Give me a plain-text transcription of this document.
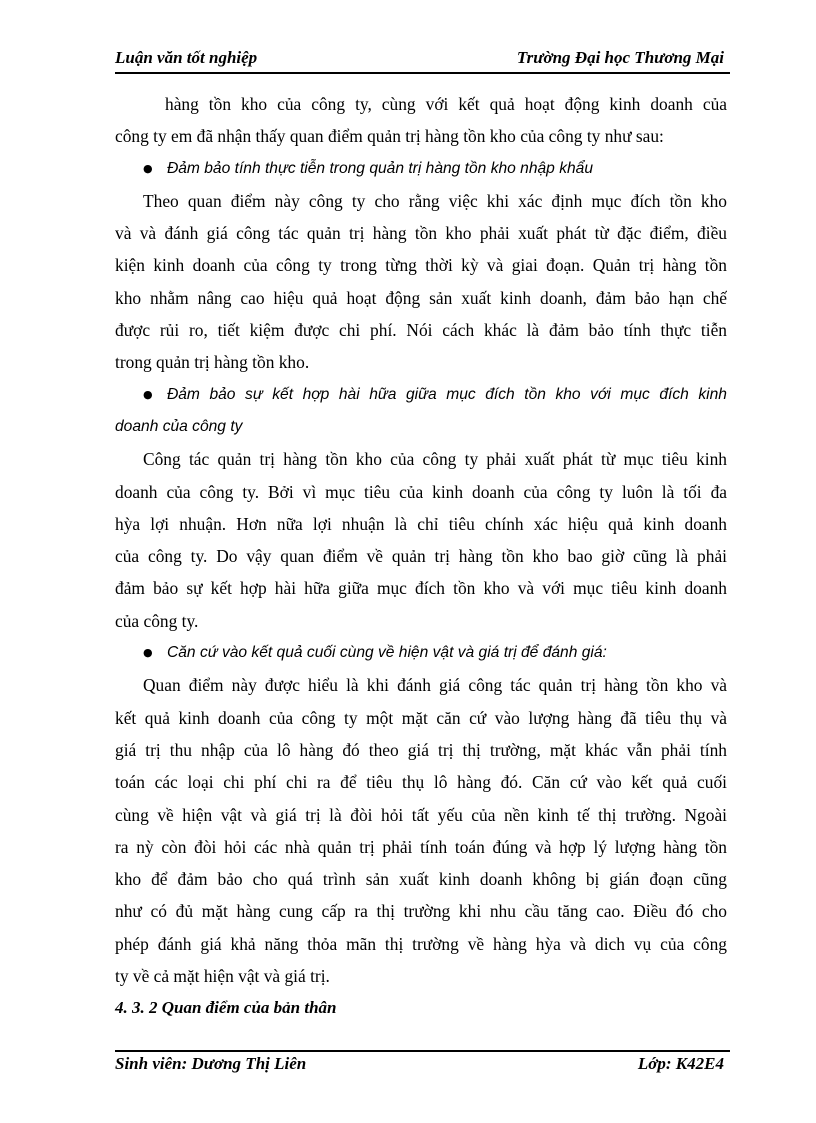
Luận văn tốt nghiệp	Trường Đại học Thương Mại
hàng tồn kho của công ty, cùng với kết quả hoạt động kinh doanh của
công ty em đã nhận thấy quan điểm quản trị hàng tồn kho của công ty như sau:
● Đảm bảo tính thực tiễn trong quản trị hàng tồn kho nhập khẩu
Theo quan điểm này công ty cho rằng việc khi xác định mục đích tồn kho
và và đánh giá công tác quản trị hàng tồn kho phải xuất phát từ đặc điểm, điều
kiện kinh doanh của công ty trong từng thời kỳ và giai đoạn. Quản trị hàng tồn
kho nhằm nâng cao hiệu quả hoạt động sản xuất kinh doanh, đảm bảo hạn chế
được rủi ro, tiết kiệm được chi phí. Nói cách khác là đảm bảo tính thực tiễn
trong quản trị hàng tồn kho.
● Đảm bảo sự kết hợp hài hữa giữa mục đích tồn kho với mục đích kinh
doanh của công ty
Công tác quản trị hàng tồn kho của công ty phải xuất phát từ mục tiêu kinh
doanh của công ty. Bởi vì mục tiêu của kinh doanh của công ty luôn là tối đa
hỳa lợi nhuận. Hơn nữa lợi nhuận là chỉ tiêu chính xác hiệu quả kinh doanh
của công ty. Do vậy quan điểm về quản trị hàng tồn kho bao giờ cũng là phải
đảm bảo sự kết hợp hài hữa giữa mục đích tồn kho và với mục tiêu kinh doanh
của công ty.
● Căn cứ vào kết quả cuối cùng về hiện vật và giá trị để đánh giá:
Quan điểm này được hiểu là khi đánh giá công tác quản trị hàng tồn kho và
kết quả kinh doanh của công ty một mặt căn cứ vào lượng hàng đã tiêu thụ và
giá trị thu nhập của lô hàng đó theo giá trị thị trường, mặt khác vẫn phải tính
toán các loại chi phí chi ra để tiêu thụ lô hàng đó. Căn cứ vào kết quả cuối
cùng về hiện vật và giá trị là đòi hỏi tất yếu của nền kinh tế thị trường. Ngoài
ra nỳ còn đòi hỏi các nhà quản trị phải tính toán đúng và hợp lý lượng hàng tồn
kho để đảm bảo cho quá trình sản xuất kinh doanh không bị gián đoạn cũng
như có đủ mặt hàng cung cấp ra thị trường khi nhu cầu tăng cao. Điều đó cho
phép đánh giá khả năng thỏa mãn thị trường về hàng hỳa và dich vụ của công
ty về cả mặt hiện vật và giá trị.
4. 3. 2 Quan điểm của bản thân
Sinh viên: Dương Thị Liên	Lớp: K42E4
